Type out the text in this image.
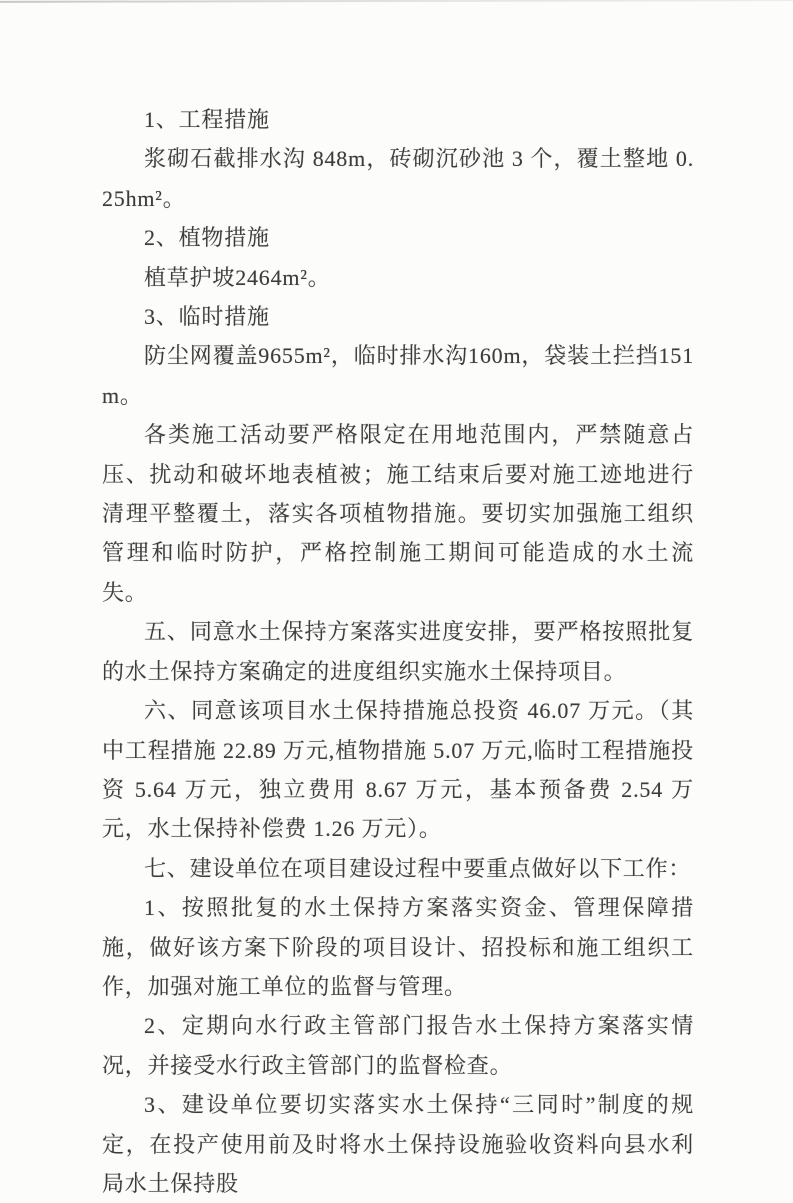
1、工程措施

浆砌石截排水沟 848m，砖砌沉砂池 3 个，覆土整地 0.25hm²。

2、植物措施

植草护坡2464m²。

3、临时措施

防尘网覆盖9655m²，临时排水沟160m，袋装土拦挡151m。

各类施工活动要严格限定在用地范围内，严禁随意占压、扰动和破坏地表植被；施工结束后要对施工迹地进行清理平整覆土，落实各项植物措施。要切实加强施工组织管理和临时防护，严格控制施工期间可能造成的水土流失。

五、同意水土保持方案落实进度安排，要严格按照批复的水土保持方案确定的进度组织实施水土保持项目。

六、同意该项目水土保持措施总投资 46.07 万元。（其中工程措施 22.89 万元,植物措施 5.07 万元,临时工程措施投资 5.64 万元，独立费用 8.67 万元，基本预备费 2.54 万元，水土保持补偿费 1.26 万元）。

七、建设单位在项目建设过程中要重点做好以下工作：

1、按照批复的水土保持方案落实资金、管理保障措施，做好该方案下阶段的项目设计、招投标和施工组织工作，加强对施工单位的监督与管理。

2、定期向水行政主管部门报告水土保持方案落实情况，并接受水行政主管部门的监督检查。

3、建设单位要切实落实水土保持“三同时”制度的规定，在投产使用前及时将水土保持设施验收资料向县水利局水土保持股
